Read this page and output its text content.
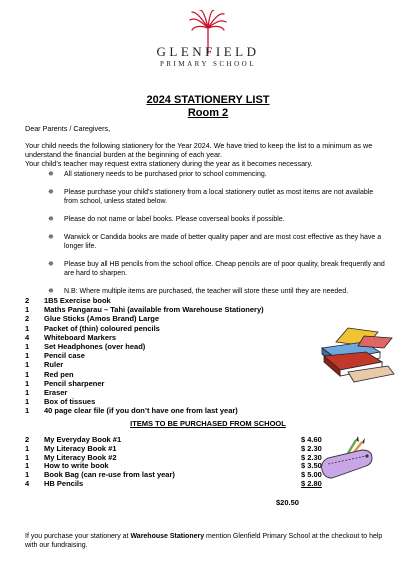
GLENFIELD
PRIMARY SCHOOL
2024 STATIONERY LIST
Room 2
Dear Parents / Caregivers,
Your child needs the following stationery for the Year 2024. We have tried to keep the list to a minimum as we understand the financial burden at the beginning of each year.
Your child’s teacher may request extra stationery during the year as it becomes necessary.
✵ All stationery needs to be purchased prior to school commencing.
✵ Please purchase your child’s stationery from a local stationery outlet as most items are not available from school, unless stated below.
✵ Please do not name or label books. Please coverseal books if possible.
✵ Warwick or Candida books are made of better quality paper and are most cost effective as they have a longer life.
✵ Please buy all HB pencils from the school office. Cheap pencils are of poor quality, break frequently and are hard to sharpen.
✵ N.B: Where multiple items are purchased, the teacher will store these until they are needed.
2	1B5 Exercise book
1	Maths Pangarau – Tahi (available from Warehouse Stationery)
2	Glue Sticks (Amos Brand) Large
1	Packet of (thin) coloured pencils
4	Whiteboard Markers
1	Set Headphones (over head)
1	Pencil case
1	Ruler
1	Red pen
1	Pencil sharpener
1	Eraser
1	Box of tissues
1	40 page clear file (if you don’t have one from last year)
ITEMS TO BE PURCHASED FROM SCHOOL
2	My Everyday Book #1	$ 4.60
1	My Literacy Book #1	$ 2.30
1	My Literacy Book #2	$ 2.30
1	How to write book	$ 3.50
1	Book Bag (can re-use from last year)	$ 5.00
4	HB Pencils	$ 2.80
$20.50
If you purchase your stationery at Warehouse Stationery mention Glenfield Primary School at the checkout to help with our fundraising.
